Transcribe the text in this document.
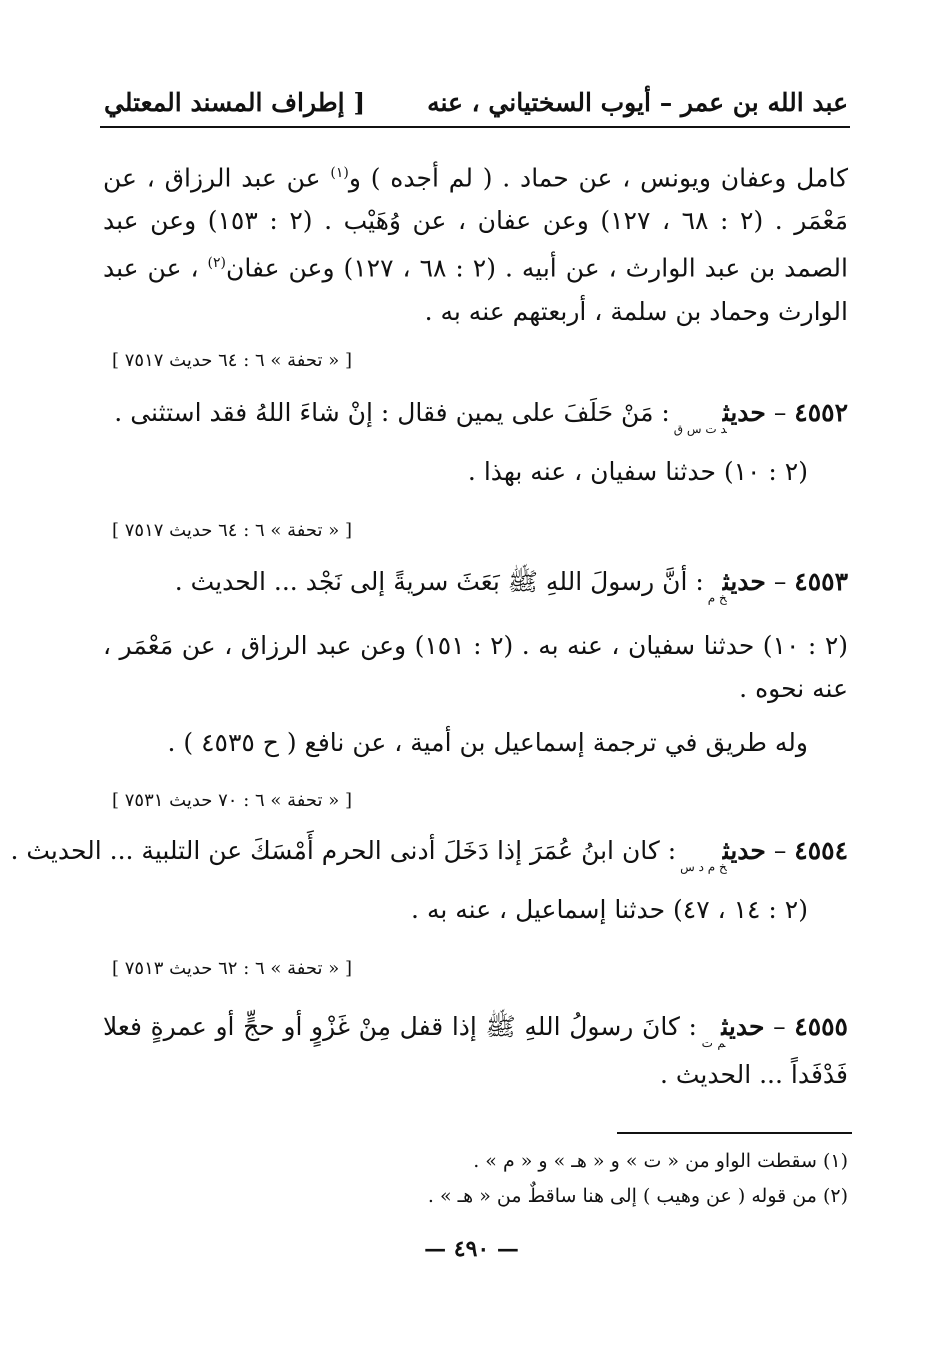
عبد الله بن عمر – أيوب السختياني ، عنه
[ إطراف المسند المعتلي
كامل وعفان ويونس ، عن حماد . ( لم أجده ) و$^{(١)}$ عن عبد الرزاق ، عن مَعْمَر . (٢ : ٦٨ ، ١٢٧) وعن عفان ، عن وُهَيْب . (٢ : ١٥٣) وعن عبد الصمد بن عبد الوارث ، عن أبيه . (٢ : ٦٨ ، ١٢٧) وعن عفان$^{(٢)}$ ، عن عبد الوارث وحماد بن سلمة ، أربعتهم عنه به .
[ « تحفة » ٦ : ٦٤ حديث ٧٥١٧ ]
٤٥٥٢ – حديث$_{د ت س ق}$ : مَنْ حَلَفَ على يمين فقال : إنْ شاءَ اللهُ فقد استثنى .
(٢ : ١٠) حدثنا سفيان ، عنه بهذا .
[ « تحفة » ٦ : ٦٤ حديث ٧٥١٧ ]
٤٥٥٣ – حديث$_{خ م}$ : أنَّ رسولَ اللهِ ﷺ بَعَثَ سريةً إلى نَجْد ... الحديث .
(٢ : ١٠) حدثنا سفيان ، عنه به . (٢ : ١٥١) وعن عبد الرزاق ، عن مَعْمَر ، عنه نحوه .
وله طريق في ترجمة إسماعيل بن أمية ، عن نافع ( ح ٤٥٣٥ ) .
[ « تحفة » ٦ : ٧٠ حديث ٧٥٣١ ]
٤٥٥٤ – حديث$_{خ م د س}$ : كان ابنُ عُمَرَ إذا دَخَلَ أدنى الحرم أَمْسَكَ عن التلبية ... الحديث .
(٢ : ١٤ ، ٤٧) حدثنا إسماعيل ، عنه به .
[ « تحفة » ٦ : ٦٢ حديث ٧٥١٣ ]
٤٥٥٥ – حديث$_{م ت}$ : كانَ رسولُ اللهِ ﷺ إذا قفل مِنْ غَزْوٍ أو حجٍّ أو عمرةٍ فعلا فَدْفَداً ... الحديث .
(١) سقطت الواو من « ت » و « هـ » و « م » .
(٢) من قوله ( عن وهيب ) إلى هنا ساقطٌ من « هـ » .
— ٤٩٠ —
